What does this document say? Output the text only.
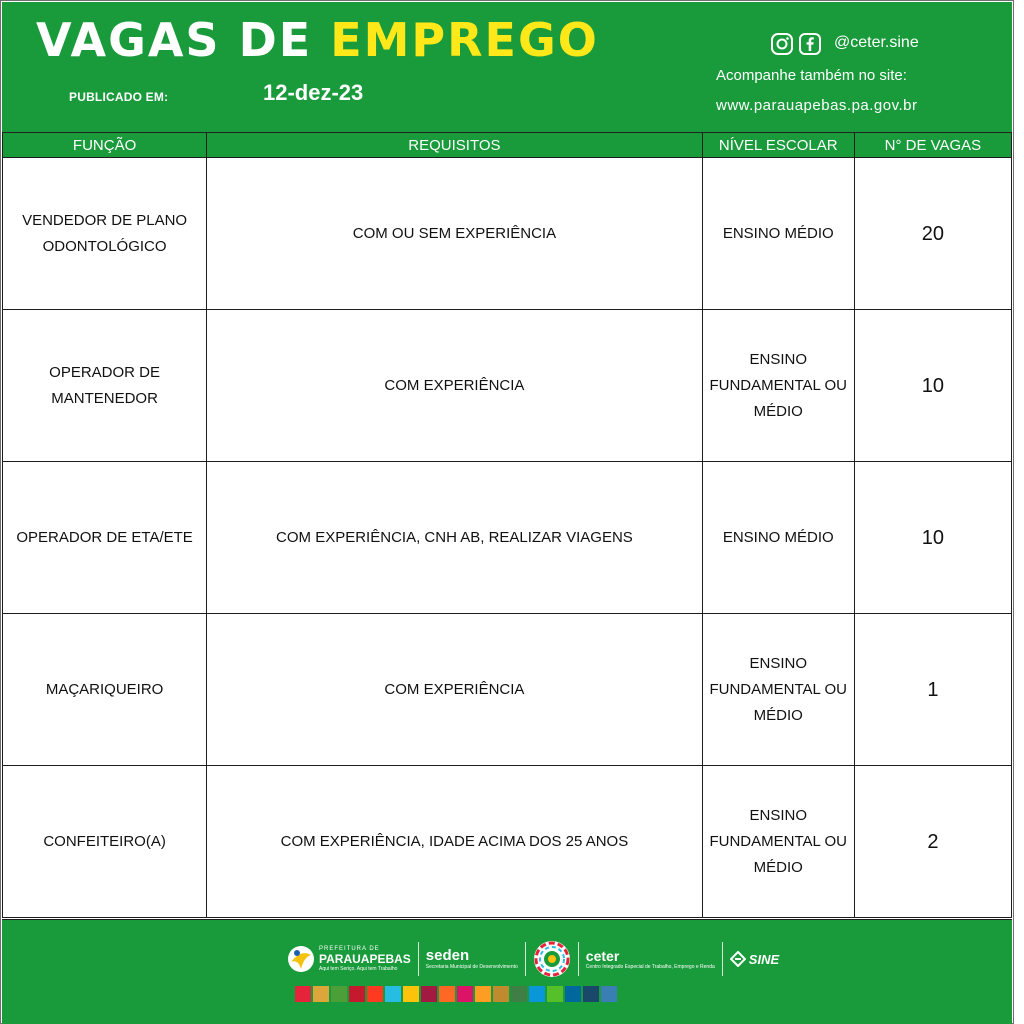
VAGAS DE EMPREGO
PUBLICADO EM:	12-dez-23
@ceter.sine
Acompanhe também no site:
www.parauapebas.pa.gov.br
FUNÇÃO	REQUISITOS	NÍVEL ESCOLAR	N° DE VAGAS
VENDEDOR DE PLANO ODONTOLÓGICO	COM OU SEM EXPERIÊNCIA	ENSINO MÉDIO	20
OPERADOR DE MANTENEDOR	COM EXPERIÊNCIA	ENSINO FUNDAMENTAL OU MÉDIO	10
OPERADOR DE ETA/ETE	COM EXPERIÊNCIA, CNH AB, REALIZAR VIAGENS	ENSINO MÉDIO	10
MAÇARIQUEIRO	COM EXPERIÊNCIA	ENSINO FUNDAMENTAL OU MÉDIO	1
CONFEITEIRO(A)	COM EXPERIÊNCIA, IDADE ACIMA DOS 25 ANOS	ENSINO FUNDAMENTAL OU MÉDIO	2
PREFEITURA DE
PARAUAPEBAS
Aqui tem Seriço. Aqui tem Trabalho
seden
Secretaria Municipal de Desenvolvimento
ceter
Centro Integrado Especial de Trabalho, Emprego e Renda	SINE
